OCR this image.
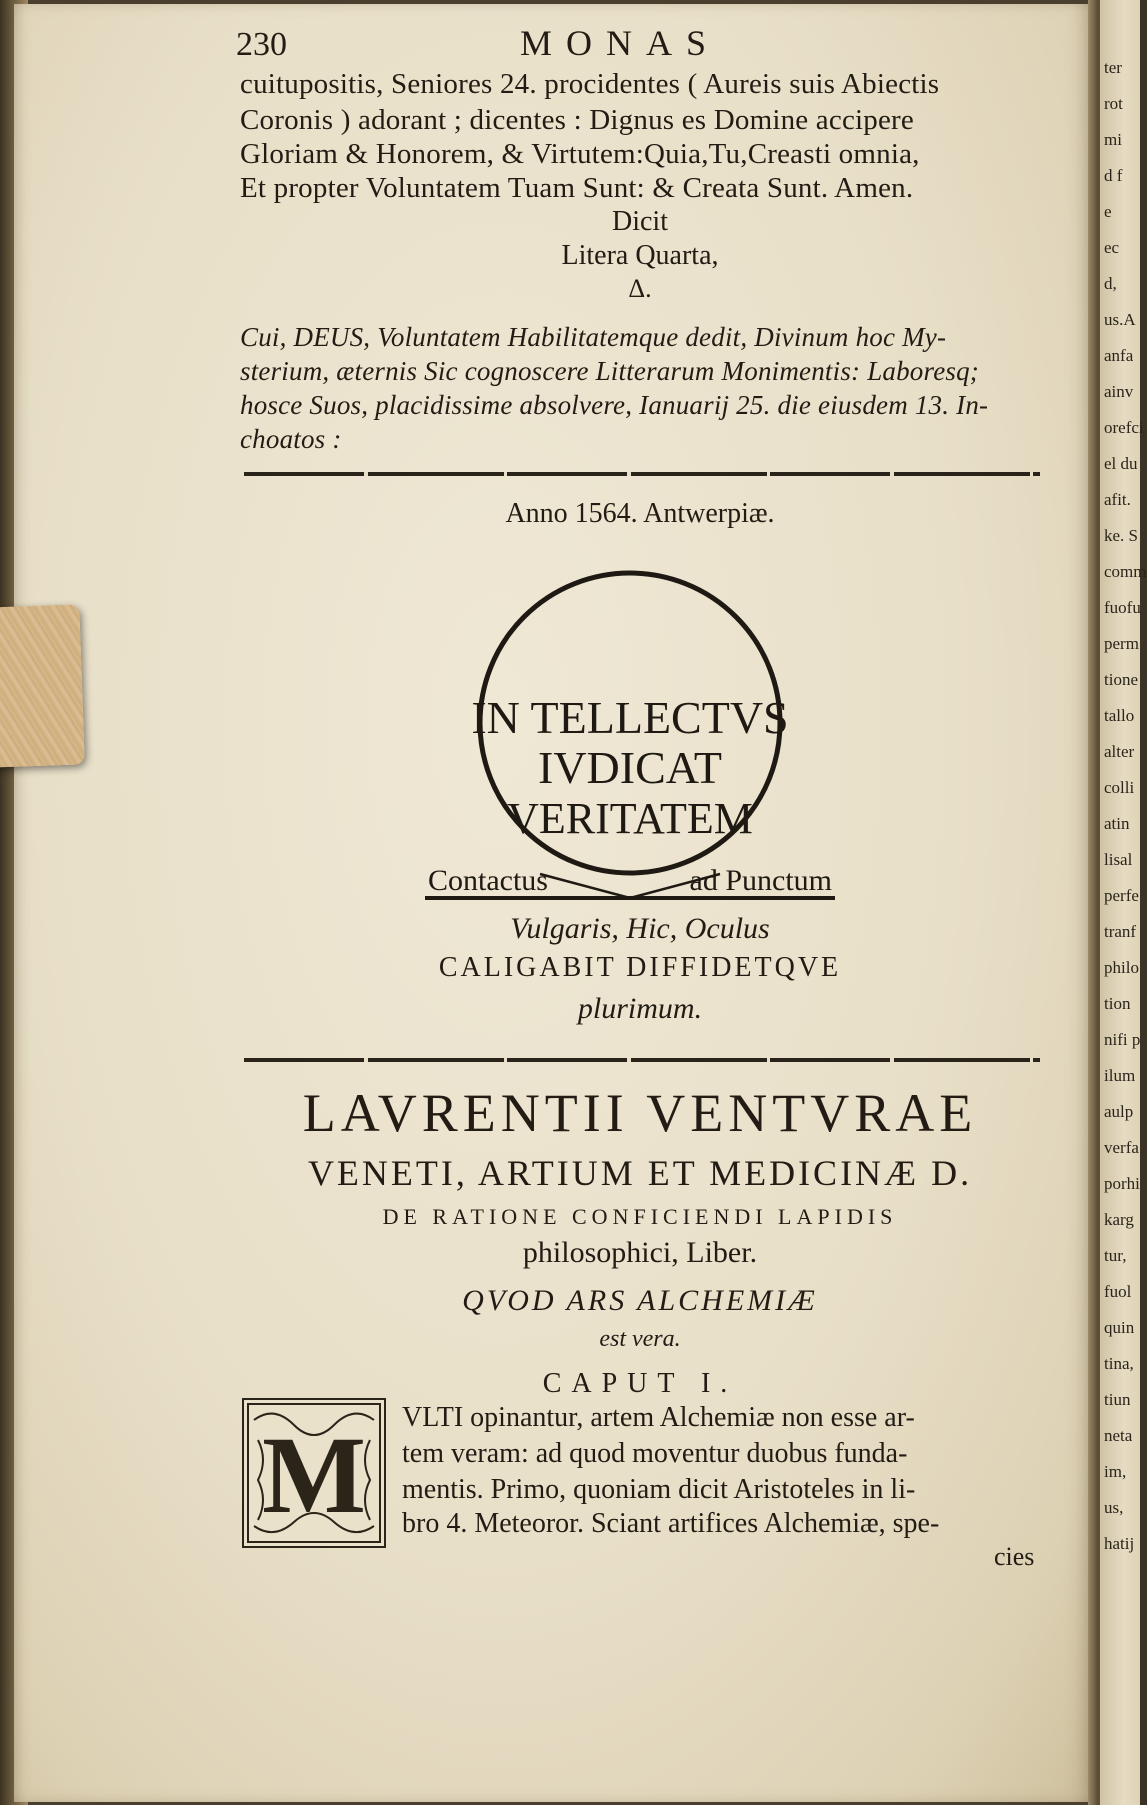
ter
rot
mi
d f
e
ec
d,
us.A
anfa
ainv
orefci
el du
afit.
ke. S
comm
fuofu
perm
tione
tallo
alter
colli
atin
lisal
perfe
tranf
philo
tion
nifi p
ilum
aulp
verfa
porhi
karg
tur,
fuol
quin
tina,
tiun
neta
im,
us,
hatij
230	MONAS
cuitupositis, Seniores 24. procidentes ( Aureis suis Abiectis
Coronis ) adorant ; dicentes : Dignus es Domine accipere
Gloriam & Honorem, & Virtutem:Quia,Tu,Creasti omnia,
Et propter Voluntatem Tuam Sunt: & Creata Sunt. Amen.
Dicit
Litera Quarta,
Δ.
Cui, DEUS, Voluntatem Habilitatemque dedit, Divinum hoc My-
sterium, æternis Sic cognoscere Litterarum Monimentis: Laboresq;
hosce Suos, placidissime absolvere, Ianuarij 25. die eiusdem 13. In-
choatos :
Anno 1564. Antwerpiæ.
IN TELLECTVS
IVDICAT
VERITATEM
Contactus	ad Punctum
Vulgaris, Hic, Oculus
CALIGABIT DIFFIDETQVE
plurimum.
LAVRENTII VENTVRAE
VENETI, ARTIUM ET MEDICINÆ D.
DE RATIONE CONFICIENDI LAPIDIS
philosophici, Liber.
QVOD ARS ALCHEMIÆ
est vera.
CAPUT I.
M VLTI opinantur, artem Alchemiæ non esse ar-
tem veram: ad quod moventur duobus funda-
mentis. Primo, quoniam dicit Aristoteles in li-
bro 4. Meteoror. Sciant artifices Alchemiæ, spe-
cies
